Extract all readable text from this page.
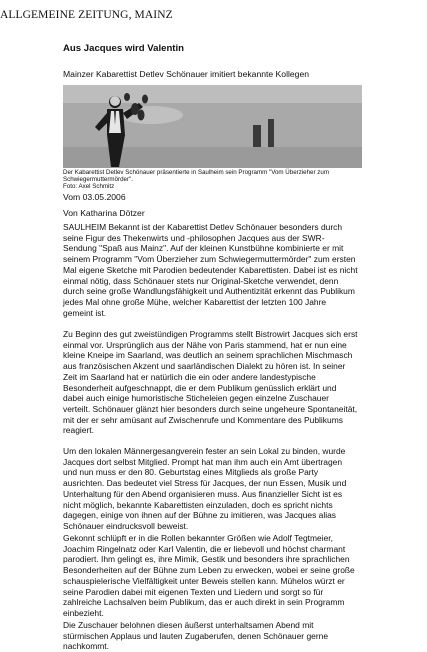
ALLGEMEINE ZEITUNG, MAINZ
Aus Jacques wird Valentin
Mainzer Kabarettist Detlev Schönauer imitiert bekannte Kollegen
Der Kabarettist Detlev Schönauer präsentierte in Saulheim sein Programm "Vom Überzieher zum
Schwiegermuttermörder".
Foto: Axel Schmitz
Vom 03.05.2006
Von Katharina Dötzer
SAULHEIM Bekannt ist der Kabarettist Detlev Schönauer besonders durch
seine Figur des Thekenwirts und -philosophen Jacques aus der SWR-
Sendung "Spaß aus Mainz". Auf der kleinen Kunstbühne kombinierte er mit
seinem Programm "Vom Überzieher zum Schwiegermuttermörder" zum ersten
Mal eigene Sketche mit Parodien bedeutender Kabarettisten. Dabei ist es nicht
einmal nötig, dass Schönauer stets nur Original-Sketche verwendet, denn
durch seine große Wandlungsfähigkeit und Authentizität erkennt das Publikum
jedes Mal ohne große Mühe, welcher Kabarettist der letzten 100 Jahre
gemeint ist.
Zu Beginn des gut zweistündigen Programms stellt Bistrowirt Jacques sich erst
einmal vor. Ursprünglich aus der Nähe von Paris stammend, hat er nun eine
kleine Kneipe im Saarland, was deutlich an seinem sprachlichen Mischmasch
aus französischen Akzent und saarländischen Dialekt zu hören ist. In seiner
Zeit im Saarland hat er natürlich die ein oder andere landestypische
Besonderheit aufgeschnappt, die er dem Publikum genüsslich erklärt und
dabei auch einige humoristische Sticheleien gegen einzelne Zuschauer
verteilt. Schönauer glänzt hier besonders durch seine ungeheure Spontaneität,
mit der er sehr amüsant auf Zwischenrufe und Kommentare des Publikums
reagiert.
Um den lokalen Männergesangverein fester an sein Lokal zu binden, wurde
Jacques dort selbst Mitglied. Prompt hat man ihm auch ein Amt übertragen
und nun muss er den 80. Geburtstag eines Mitglieds als große Party
ausrichten. Das bedeutet viel Stress für Jacques, der nun Essen, Musik und
Unterhaltung für den Abend organisieren muss. Aus finanzieller Sicht ist es
nicht möglich, bekannte Kabarettisten einzuladen, doch es spricht nichts
dagegen, einige von ihnen auf der Bühne zu imitieren, was Jacques alias
Schönauer eindrucksvoll beweist.
Gekonnt schlüpft er in die Rollen bekannter Größen wie Adolf Tegtmeier,
Joachim Ringelnatz oder Karl Valentin, die er liebevoll und höchst charmant
parodiert. Ihm gelingt es, ihre Mimik, Gestik und besonders ihre sprachlichen
Besonderheiten auf der Bühne zum Leben zu erwecken, wobei er seine große
schauspielerische Vielfältigkeit unter Beweis stellen kann. Mühelos würzt er
seine Parodien dabei mit eigenen Texten und Liedern und sorgt so für
zahlreiche Lachsalven beim Publikum, das er auch direkt in sein Programm
einbezieht.
Die Zuschauer belohnen diesen äußerst unterhaltsamen Abend mit
stürmischen Applaus und lauten Zugaberufen, denen Schönauer gerne
nachkommt.
